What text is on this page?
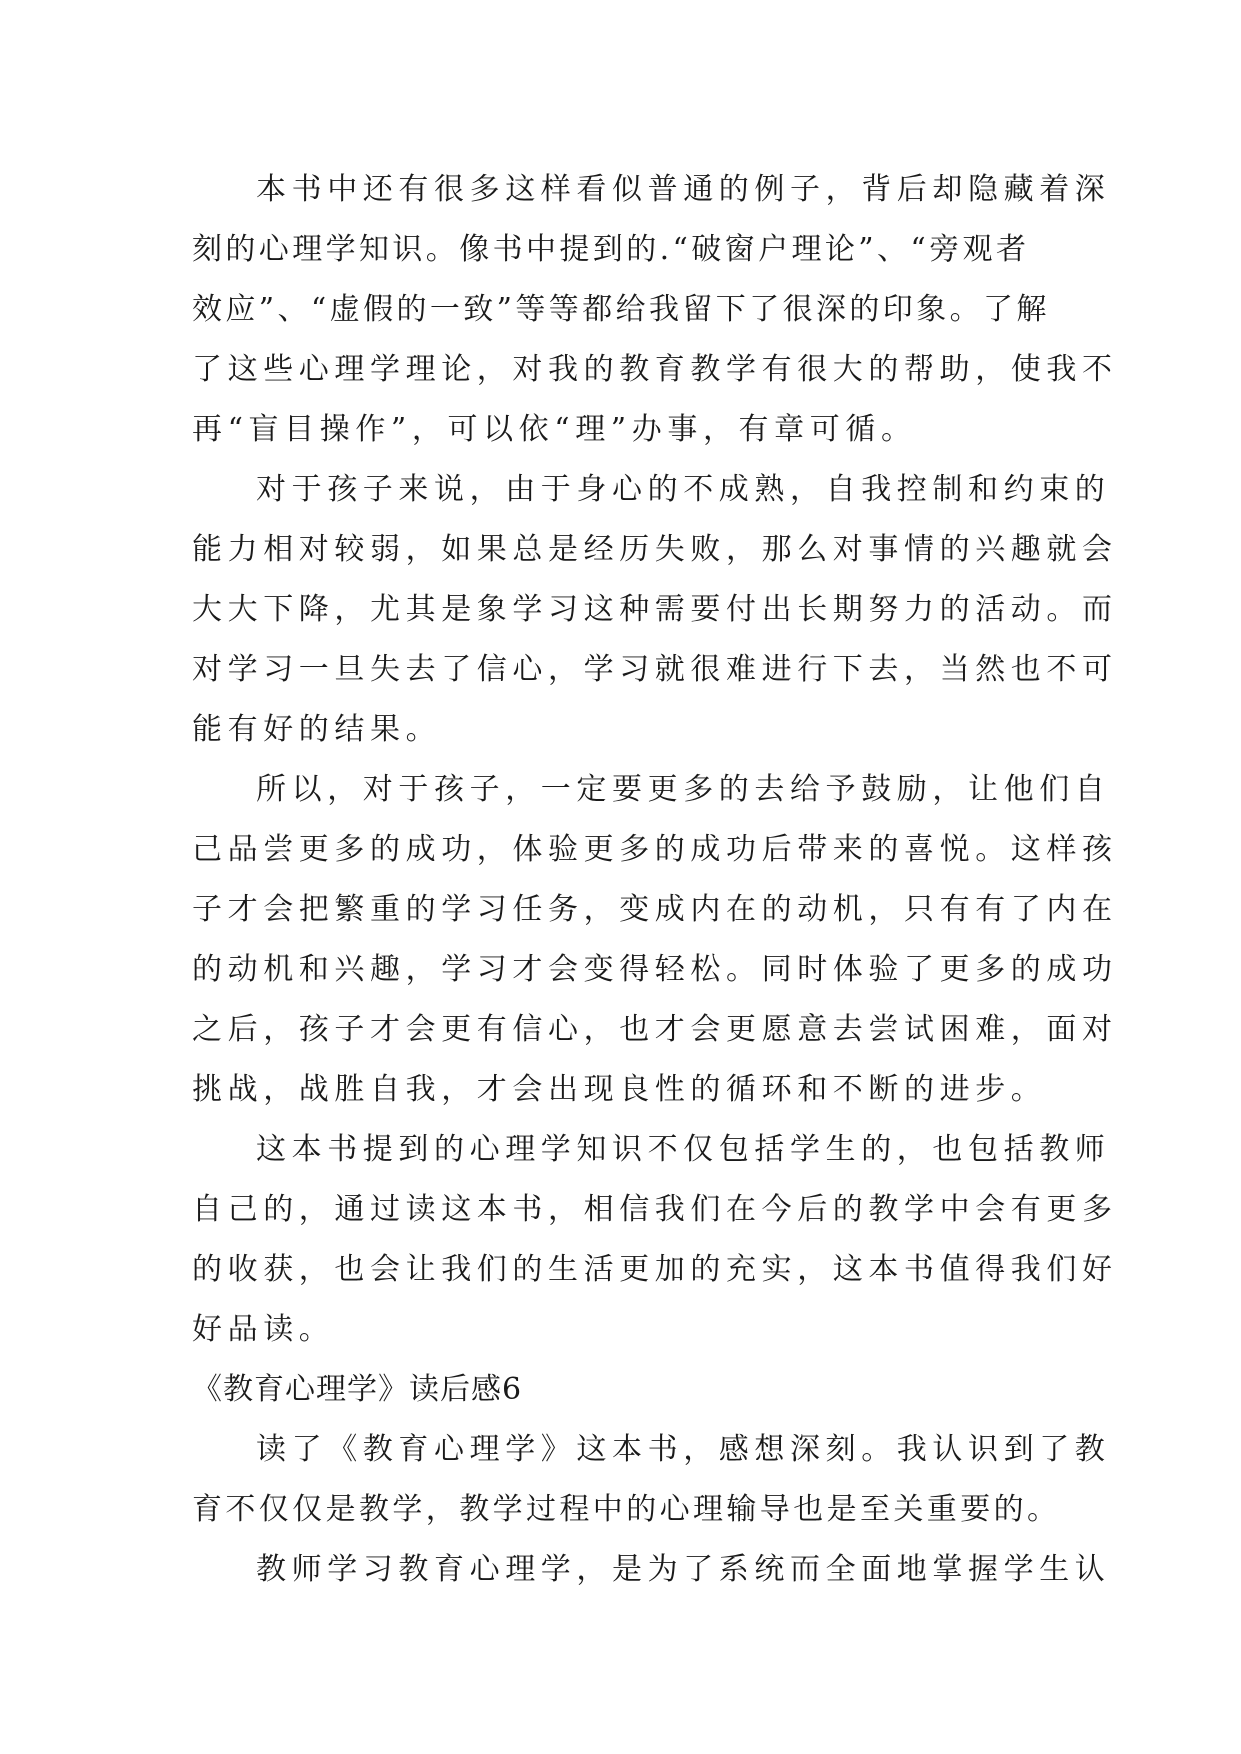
本书中还有很多这样看似普通的例子，背后却隐藏着深
刻的心理学知识。像书中提到的.“破窗户理论”、“旁观者
效应”、“虚假的一致”等等都给我留下了很深的印象。了解
了这些心理学理论，对我的教育教学有很大的帮助，使我不
再“盲目操作”，可以依“理”办事，有章可循。
对于孩子来说，由于身心的不成熟，自我控制和约束的
能力相对较弱，如果总是经历失败，那么对事情的兴趣就会
大大下降，尤其是象学习这种需要付出长期努力的活动。而
对学习一旦失去了信心，学习就很难进行下去，当然也不可
能有好的结果。
所以，对于孩子，一定要更多的去给予鼓励，让他们自
己品尝更多的成功，体验更多的成功后带来的喜悦。这样孩
子才会把繁重的学习任务，变成内在的动机，只有有了内在
的动机和兴趣，学习才会变得轻松。同时体验了更多的成功
之后，孩子才会更有信心，也才会更愿意去尝试困难，面对
挑战，战胜自我，才会出现良性的循环和不断的进步。
这本书提到的心理学知识不仅包括学生的，也包括教师
自己的，通过读这本书，相信我们在今后的教学中会有更多
的收获，也会让我们的生活更加的充实，这本书值得我们好
好品读。
《教育心理学》读后感6
读了《教育心理学》这本书，感想深刻。我认识到了教
育不仅仅是教学，教学过程中的心理输导也是至关重要的。
教师学习教育心理学，是为了系统而全面地掌握学生认
